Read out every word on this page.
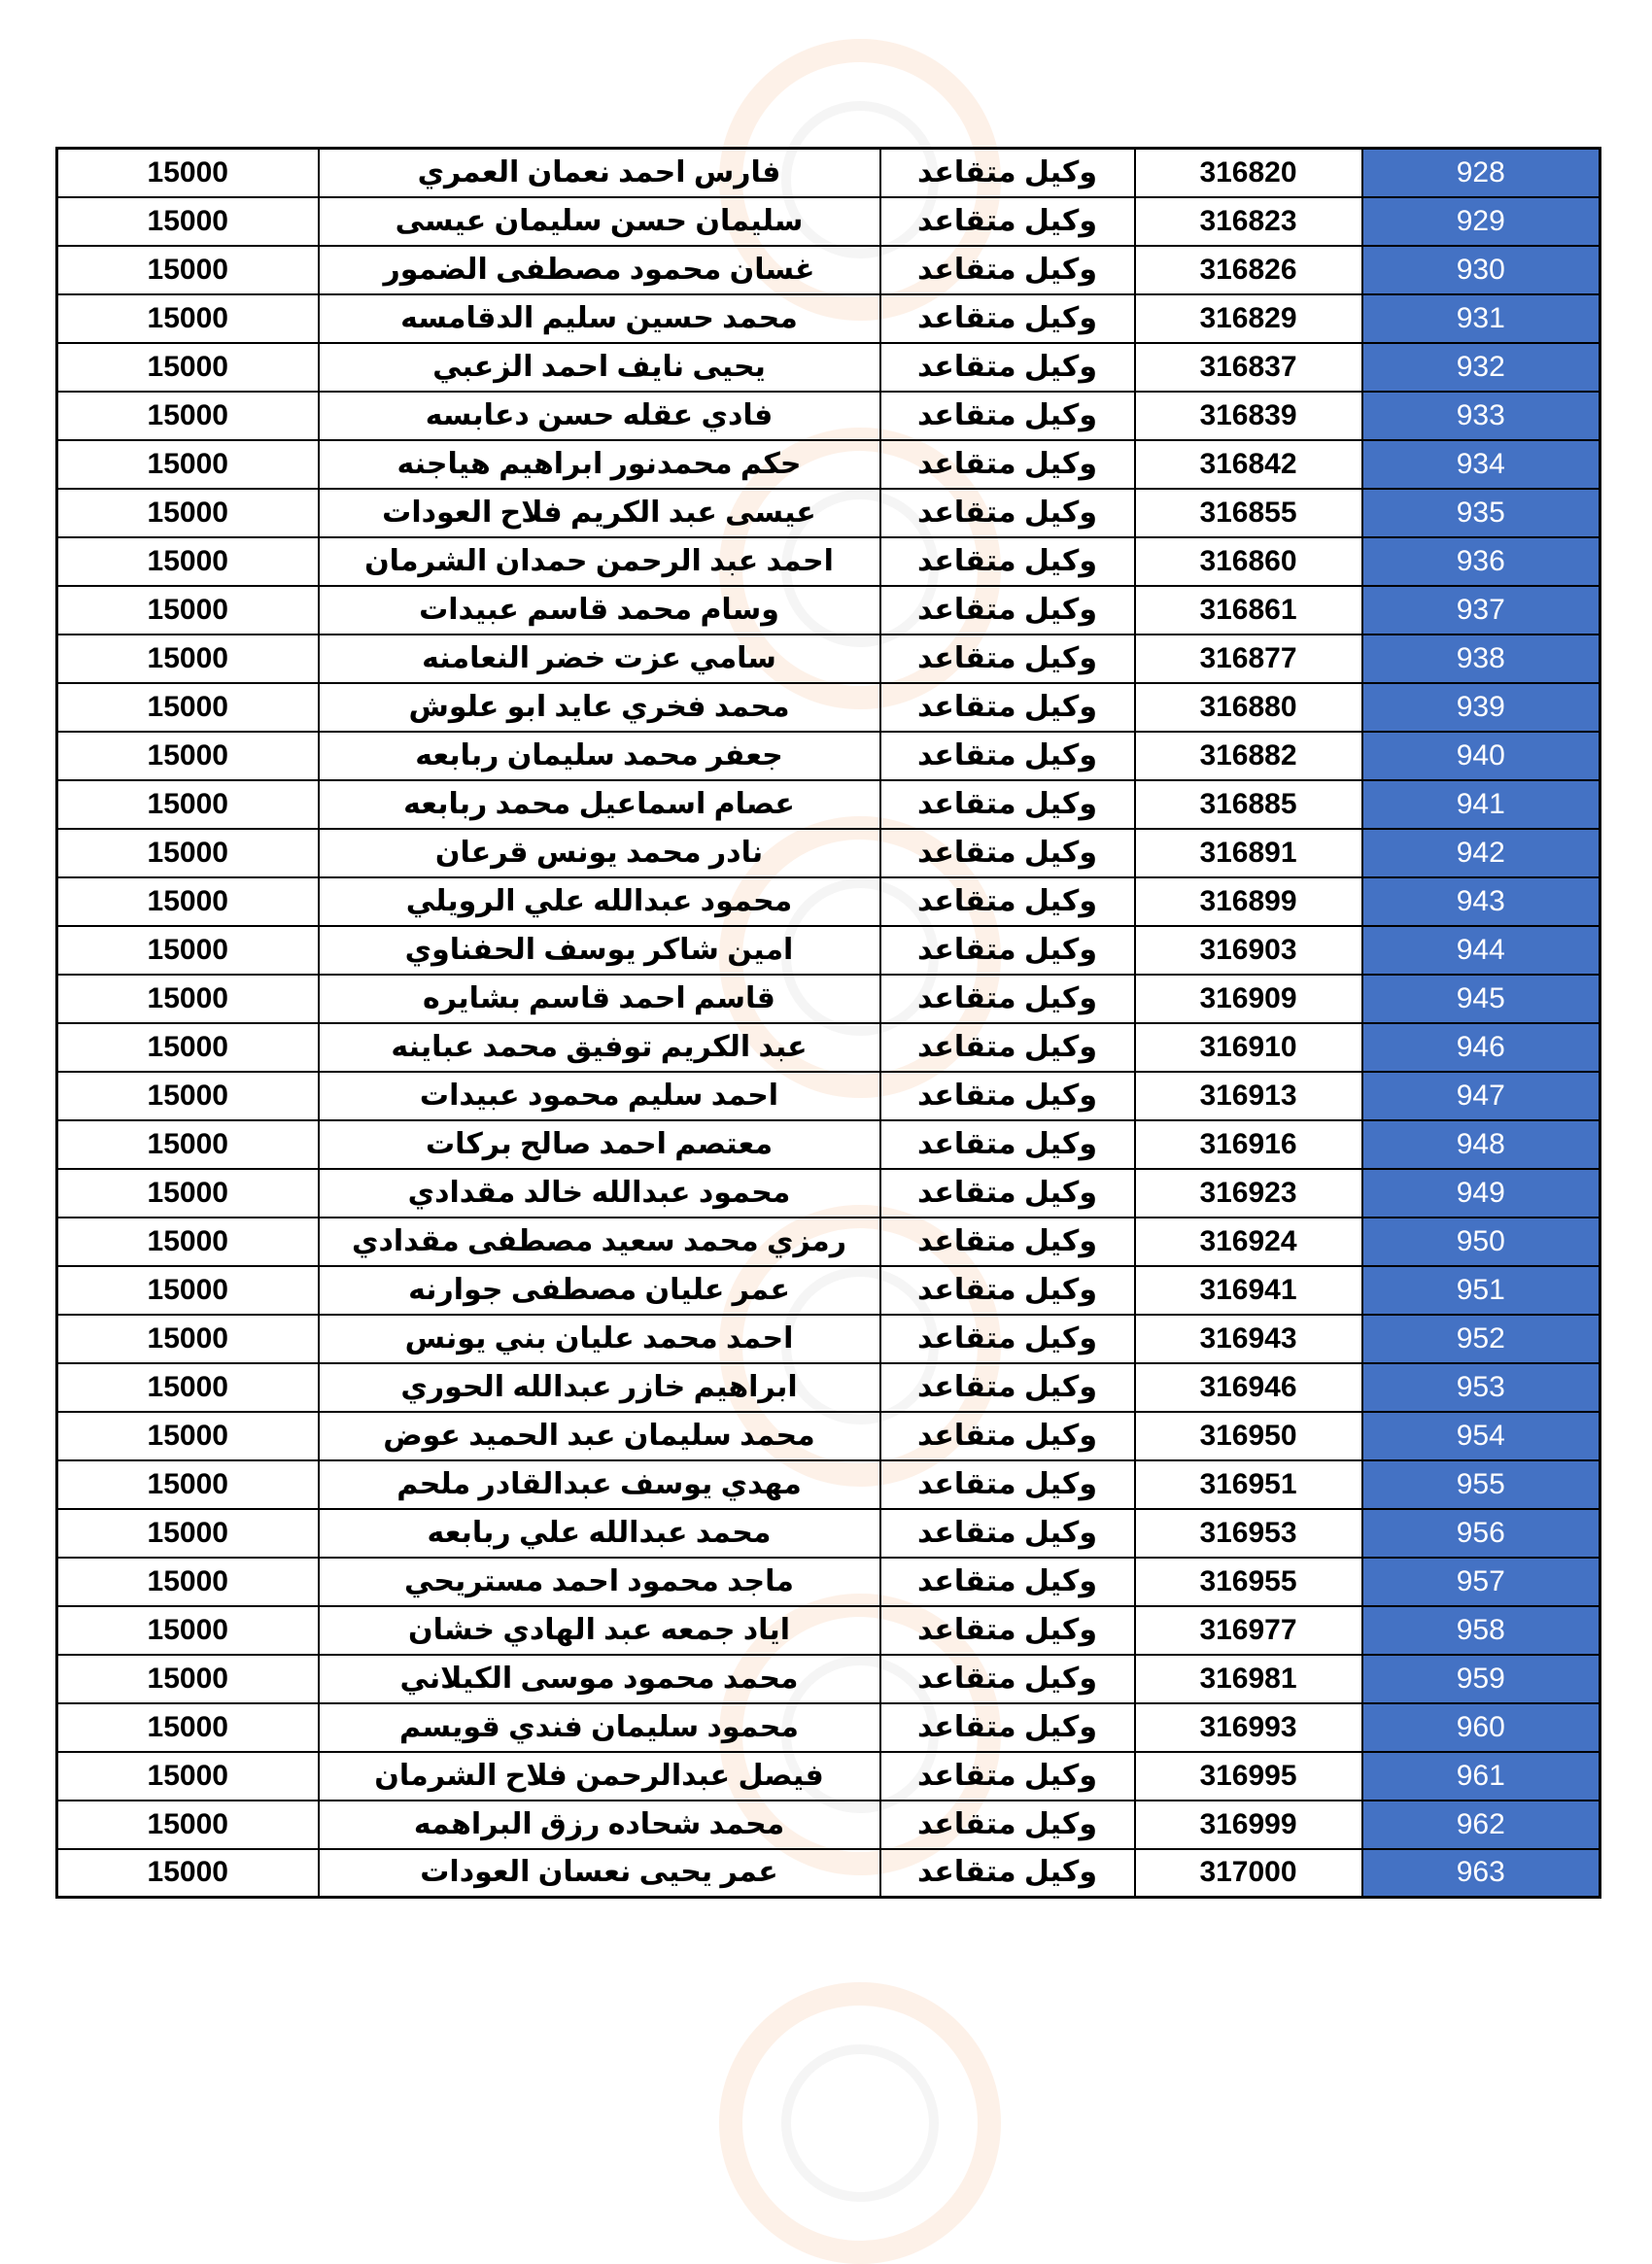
15000	فارس احمد نعمان العمري	وكيل متقاعد	316820	928
15000	سليمان حسن سليمان عيسى	وكيل متقاعد	316823	929
15000	غسان محمود مصطفى الضمور	وكيل متقاعد	316826	930
15000	محمد حسين سليم الدقامسه	وكيل متقاعد	316829	931
15000	يحيى نايف احمد الزعبي	وكيل متقاعد	316837	932
15000	فادي عقله حسن دعابسه	وكيل متقاعد	316839	933
15000	حكم محمدنور ابراهيم هياجنه	وكيل متقاعد	316842	934
15000	عيسى عبد الكريم فلاح العودات	وكيل متقاعد	316855	935
15000	احمد عبد الرحمن حمدان الشرمان	وكيل متقاعد	316860	936
15000	وسام محمد قاسم عبيدات	وكيل متقاعد	316861	937
15000	سامي عزت خضر النعامنه	وكيل متقاعد	316877	938
15000	محمد فخري عايد ابو علوش	وكيل متقاعد	316880	939
15000	جعفر محمد سليمان ربابعه	وكيل متقاعد	316882	940
15000	عصام اسماعيل محمد ربابعه	وكيل متقاعد	316885	941
15000	نادر محمد يونس قرعان	وكيل متقاعد	316891	942
15000	محمود عبدالله علي الرويلي	وكيل متقاعد	316899	943
15000	امين شاكر يوسف الحفناوي	وكيل متقاعد	316903	944
15000	قاسم احمد قاسم بشايره	وكيل متقاعد	316909	945
15000	عبد الكريم توفيق محمد عباينه	وكيل متقاعد	316910	946
15000	احمد سليم محمود عبيدات	وكيل متقاعد	316913	947
15000	معتصم احمد صالح بركات	وكيل متقاعد	316916	948
15000	محمود عبدالله خالد مقدادي	وكيل متقاعد	316923	949
15000	رمزي محمد سعيد مصطفى مقدادي	وكيل متقاعد	316924	950
15000	عمر عليان مصطفى جوارنه	وكيل متقاعد	316941	951
15000	احمد محمد عليان بني يونس	وكيل متقاعد	316943	952
15000	ابراهيم خازر عبدالله الحوري	وكيل متقاعد	316946	953
15000	محمد سليمان عبد الحميد عوض	وكيل متقاعد	316950	954
15000	مهدي يوسف عبدالقادر ملحم	وكيل متقاعد	316951	955
15000	محمد عبدالله علي ربابعه	وكيل متقاعد	316953	956
15000	ماجد محمود احمد مستريحي	وكيل متقاعد	316955	957
15000	اياد جمعه عبد الهادي خشان	وكيل متقاعد	316977	958
15000	محمد محمود موسى الكيلاني	وكيل متقاعد	316981	959
15000	محمود سليمان فندي قويسم	وكيل متقاعد	316993	960
15000	فيصل عبدالرحمن فلاح الشرمان	وكيل متقاعد	316995	961
15000	محمد شحاده رزق البراهمه	وكيل متقاعد	316999	962
15000	عمر يحيى نعسان العودات	وكيل متقاعد	317000	963
